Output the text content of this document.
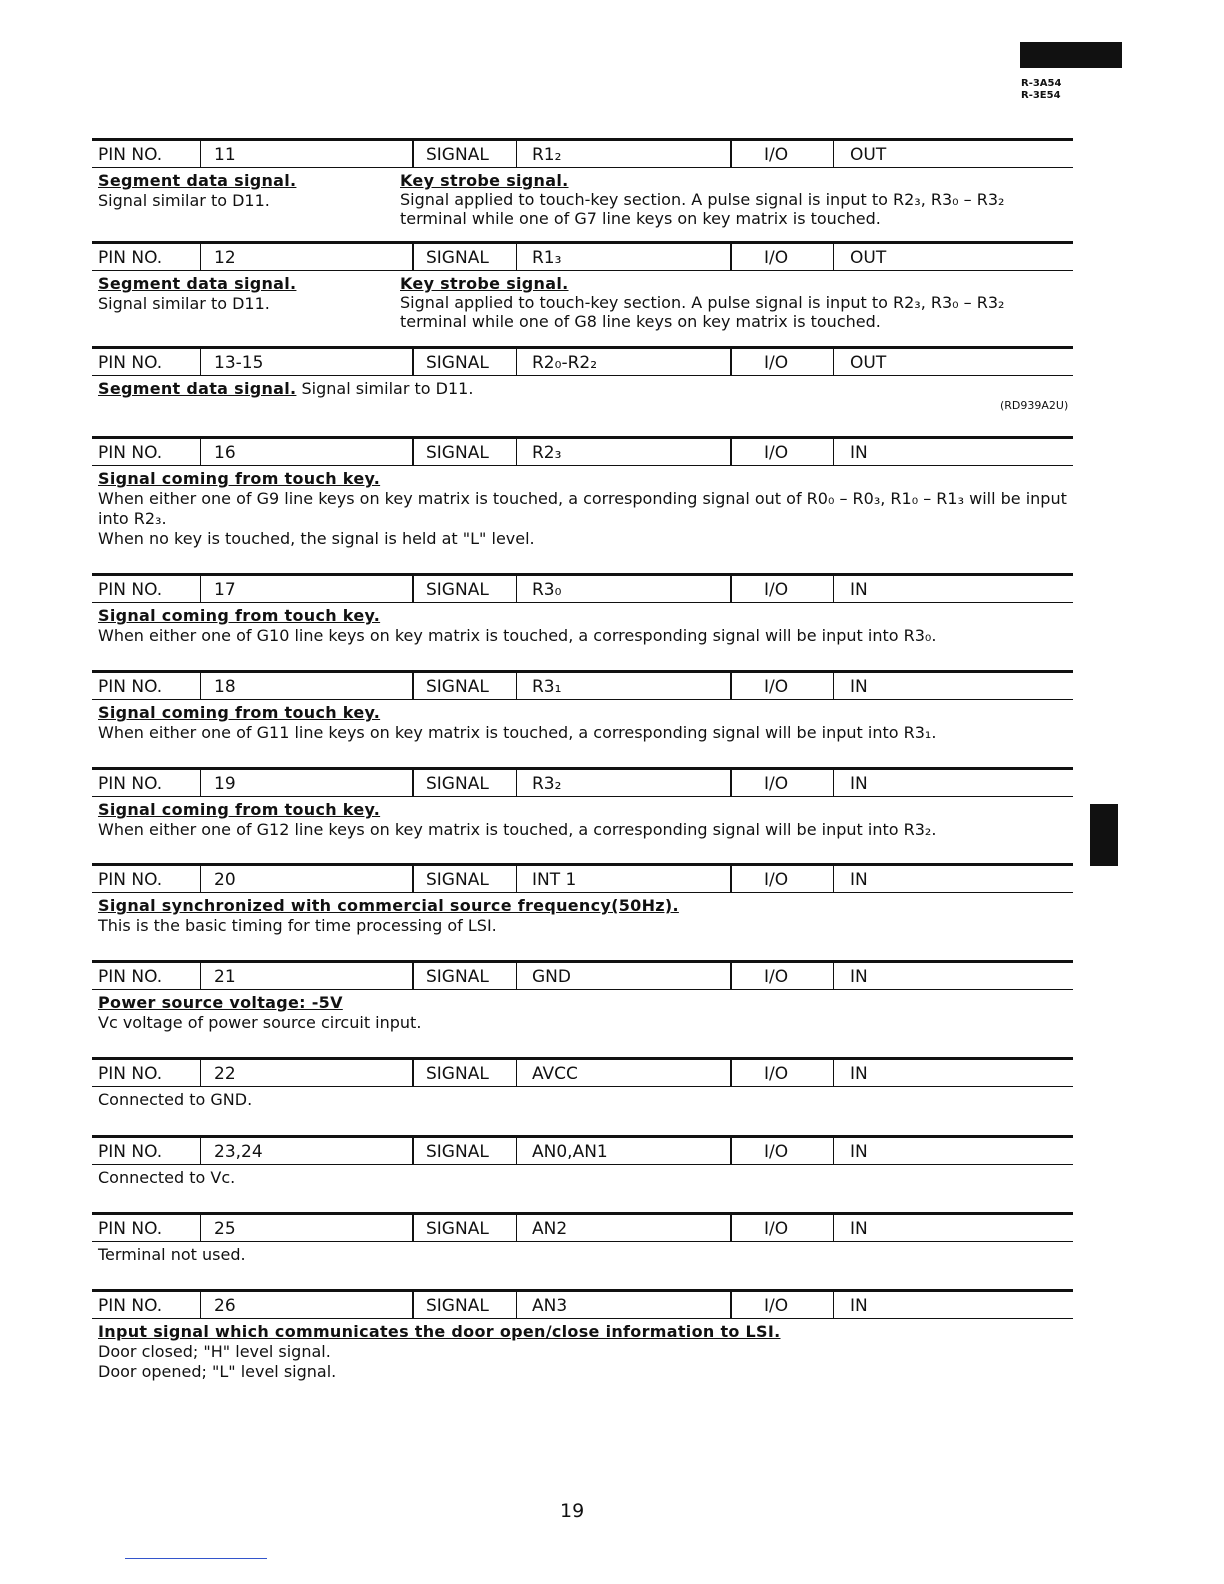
R-3A54
R-3E54
PIN NO.	11	SIGNAL	R1₂	I/O	OUT
Segment data signal.
Signal similar to D11.
Key strobe signal.
Signal applied to touch-key section. A pulse signal is input to R2₃, R3₀ – R3₂ terminal while one of G7 line keys on key matrix is touched.
PIN NO.	12	SIGNAL	R1₃	I/O	OUT
Segment data signal.
Signal similar to D11.
Key strobe signal.
Signal applied to touch-key section. A pulse signal is input to R2₃, R3₀ – R3₂ terminal while one of G8 line keys on key matrix is touched.
PIN NO.	13-15	SIGNAL	R2₀-R2₂	I/O	OUT
Segment data signal. Signal similar to D11.
(RD939A2U)
PIN NO.	16	SIGNAL	R2₃	I/O	IN
Signal coming from touch key.
When either one of G9 line keys on key matrix is touched, a corresponding signal out of R0₀ – R0₃, R1₀ – R1₃ will be input into R2₃.
When no key is touched, the signal is held at "L" level.
PIN NO.	17	SIGNAL	R3₀	I/O	IN
Signal coming from touch key.
When either one of G10 line keys on key matrix is touched, a corresponding signal will be input into R3₀.
PIN NO.	18	SIGNAL	R3₁	I/O	IN
Signal coming from touch key.
When either one of G11 line keys on key matrix is touched, a corresponding signal will be input into R3₁.
PIN NO.	19	SIGNAL	R3₂	I/O	IN
Signal coming from touch key.
When either one of G12 line keys on key matrix is touched, a corresponding signal will be input into R3₂.
PIN NO.	20	SIGNAL	INT 1	I/O	IN
Signal synchronized with commercial source frequency(50Hz).
This is the basic timing for time processing of LSI.
PIN NO.	21	SIGNAL	GND	I/O	IN
Power source voltage: -5V
Vc voltage of power source circuit input.
PIN NO.	22	SIGNAL	AVCC	I/O	IN
Connected to GND.
PIN NO.	23,24	SIGNAL	AN0,AN1	I/O	IN
Connected to Vc.
PIN NO.	25	SIGNAL	AN2	I/O	IN
Terminal not used.
PIN NO.	26	SIGNAL	AN3	I/O	IN
Input signal which communicates the door open/close information to LSI.
Door closed; "H" level signal.
Door opened; "L" level signal.
19
